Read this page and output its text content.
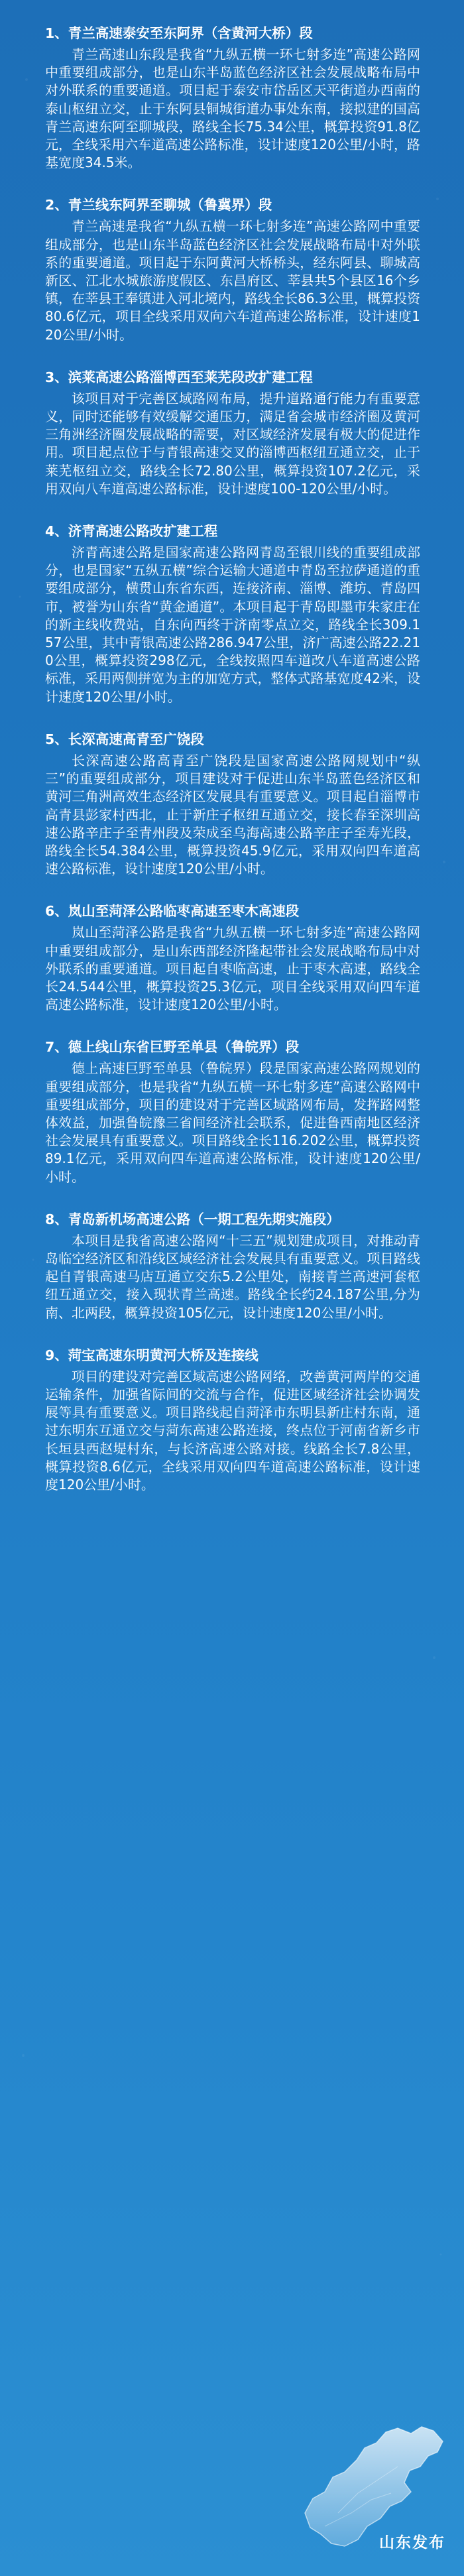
1、青兰高速泰安至东阿界（含黄河大桥）段

青兰高速山东段是我省“九纵五横一环七射多连”高速公路网中重要组成部分，也是山东半岛蓝色经济区社会发展战略布局中对外联系的重要通道。项目起于泰安市岱岳区天平街道办西南的泰山枢纽立交，止于东阿县铜城街道办事处东南，接拟建的国高青兰高速东阿至聊城段，路线全长75.34公里，概算投资91.8亿元，全线采用六车道高速公路标准，设计速度120公里/小时，路基宽度34.5米。

2、青兰线东阿界至聊城（鲁冀界）段

青兰高速是我省“九纵五横一环七射多连”高速公路网中重要组成部分，也是山东半岛蓝色经济区社会发展战略布局中对外联系的重要通道。项目起于东阿黄河大桥桥头，经东阿县、聊城高新区、江北水城旅游度假区、东昌府区、莘县共5个县区16个乡镇，在莘县王奉镇进入河北境内，路线全长86.3公里，概算投资80.6亿元，项目全线采用双向六车道高速公路标准，设计速度120公里/小时。

3、滨莱高速公路淄博西至莱芜段改扩建工程

该项目对于完善区域路网布局，提升道路通行能力有重要意义，同时还能够有效缓解交通压力，满足省会城市经济圈及黄河三角洲经济圈发展战略的需要，对区域经济发展有极大的促进作用。项目起点位于与青银高速交叉的淄博西枢纽互通立交，止于莱芜枢纽立交，路线全长72.80公里，概算投资107.2亿元，采用双向八车道高速公路标准，设计速度100-120公里/小时。

4、济青高速公路改扩建工程

济青高速公路是国家高速公路网青岛至银川线的重要组成部分，也是国家“五纵五横”综合运输大通道中青岛至拉萨通道的重要组成部分，横贯山东省东西，连接济南、淄博、潍坊、青岛四市，被誉为山东省“黄金通道”。本项目起于青岛即墨市朱家庄在的新主线收费站，自东向西终于济南零点立交，路线全长309.157公里，其中青银高速公路286.947公里，济广高速公路22.210公里，概算投资298亿元，全线按照四车道改八车道高速公路标准，采用两侧拼宽为主的加宽方式，整体式路基宽度42米，设计速度120公里/小时。

5、长深高速高青至广饶段

长深高速公路高青至广饶段是国家高速公路网规划中“纵三”的重要组成部分，项目建设对于促进山东半岛蓝色经济区和黄河三角洲高效生态经济区发展具有重要意义。项目起自淄博市高青县彭家村西北，止于新庄子枢纽互通立交，接长春至深圳高速公路辛庄子至青州段及荣成至乌海高速公路辛庄子至寿光段，路线全长54.384公里，概算投资45.9亿元，采用双向四车道高速公路标准，设计速度120公里/小时。

6、岚山至菏泽公路临枣高速至枣木高速段

岚山至菏泽公路是我省“九纵五横一环七射多连”高速公路网中重要组成部分，是山东西部经济隆起带社会发展战略布局中对外联系的重要通道。项目起自枣临高速，止于枣木高速，路线全长24.544公里，概算投资25.3亿元，项目全线采用双向四车道高速公路标准，设计速度120公里/小时。

7、德上线山东省巨野至单县（鲁皖界）段

德上高速巨野至单县（鲁皖界）段是国家高速公路网规划的重要组成部分，也是我省“九纵五横一环七射多连”高速公路网中重要组成部分，项目的建设对于完善区域路网布局，发挥路网整体效益，加强鲁皖豫三省间经济社会联系，促进鲁西南地区经济社会发展具有重要意义。项目路线全长116.202公里，概算投资89.1亿元，采用双向四车道高速公路标准，设计速度120公里/小时。

8、青岛新机场高速公路（一期工程先期实施段）

本项目是我省高速公路网“十三五”规划建成项目，对推动青岛临空经济区和沿线区域经济社会发展具有重要意义。项目路线起自青银高速马店互通立交东5.2公里处，南接青兰高速河套枢纽互通立交，接入现状青兰高速。路线全长约24.187公里,分为南、北两段，概算投资105亿元，设计速度120公里/小时。

9、菏宝高速东明黄河大桥及连接线

项目的建设对完善区域高速公路网络，改善黄河两岸的交通运输条件，加强省际间的交流与合作，促进区域经济社会协调发展等具有重要意义。项目路线起自菏泽市东明县新庄村东南，通过东明东互通立交与菏东高速公路连接，终点位于河南省新乡市长垣县西赵堤村东，与长济高速公路对接。线路全长7.8公里，概算投资8.6亿元，全线采用双向四车道高速公路标准，设计速度120公里/小时。

山东发布
